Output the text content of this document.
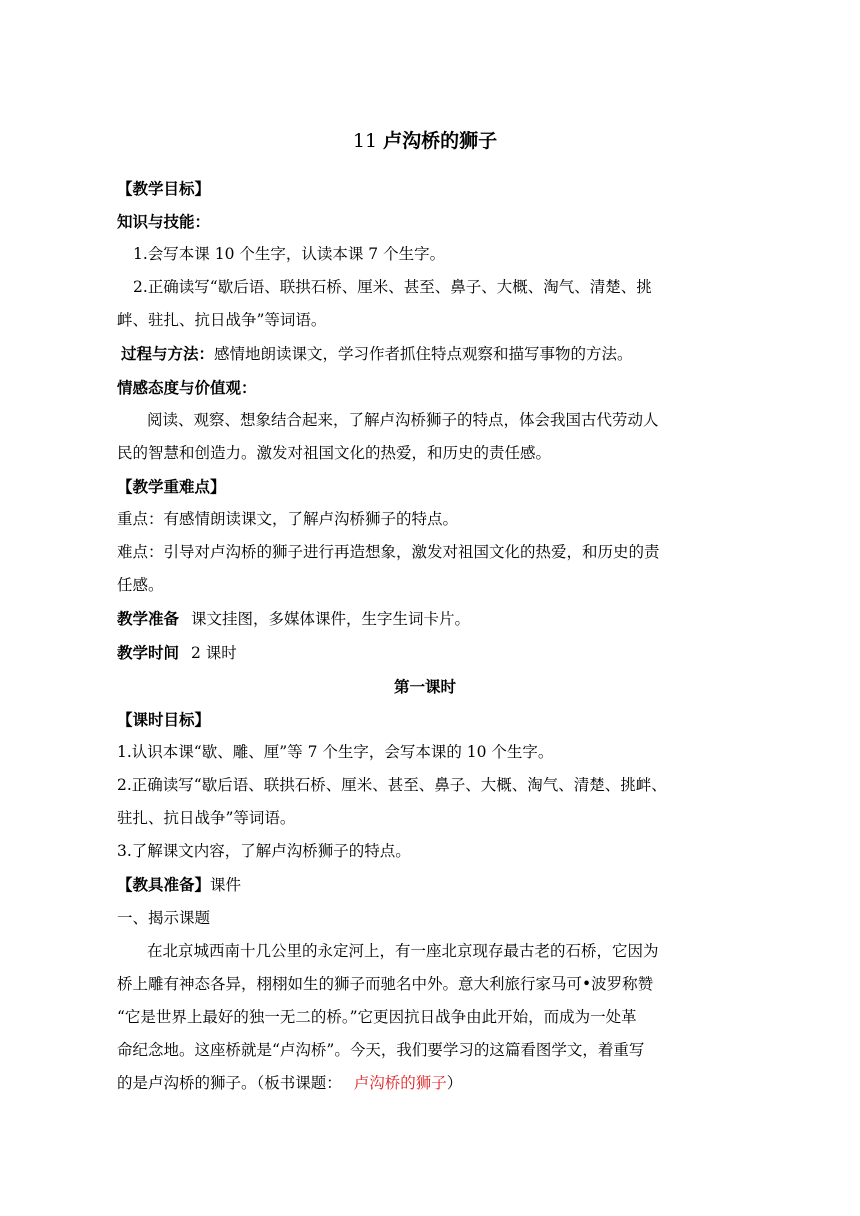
11 卢沟桥的狮子

【教学目标】

知识与技能：

1.会写本课 10 个生字，认读本课 7 个生字。

2.正确读写“歇后语、联拱石桥、厘米、甚至、鼻子、大概、淘气、清楚、挑

衅、驻扎、抗日战争”等词语。

过程与方法：感情地朗读课文，学习作者抓住特点观察和描写事物的方法。

情感态度与价值观：

阅读、观察、想象结合起来，了解卢沟桥狮子的特点，体会我国古代劳动人

民的智慧和创造力。激发对祖国文化的热爱，和历史的责任感。

【教学重难点】

重点：有感情朗读课文，了解卢沟桥狮子的特点。

难点：引导对卢沟桥的狮子进行再造想象，激发对祖国文化的热爱，和历史的责

任感。

教学准备 课文挂图，多媒体课件，生字生词卡片。

教学时间 2 课时

第一课时

【课时目标】

1.认识本课“歇、雕、厘”等 7 个生字，会写本课的 10 个生字。

2.正确读写“歇后语、联拱石桥、厘米、甚至、鼻子、大概、淘气、清楚、挑衅、

驻扎、抗日战争”等词语。

3.了解课文内容，了解卢沟桥狮子的特点。

【教具准备】课件

一、揭示课题

在北京城西南十几公里的永定河上，有一座北京现存最古老的石桥，它因为

桥上雕有神态各异，栩栩如生的狮子而驰名中外。意大利旅行家马可•波罗称赞

“它是世界上最好的独一无二的桥。”它更因抗日战争由此开始，而成为一处革

命纪念地。这座桥就是“卢沟桥”。今天，我们要学习的这篇看图学文，着重写

的是卢沟桥的狮子。（板书课题： 卢沟桥的狮子）
